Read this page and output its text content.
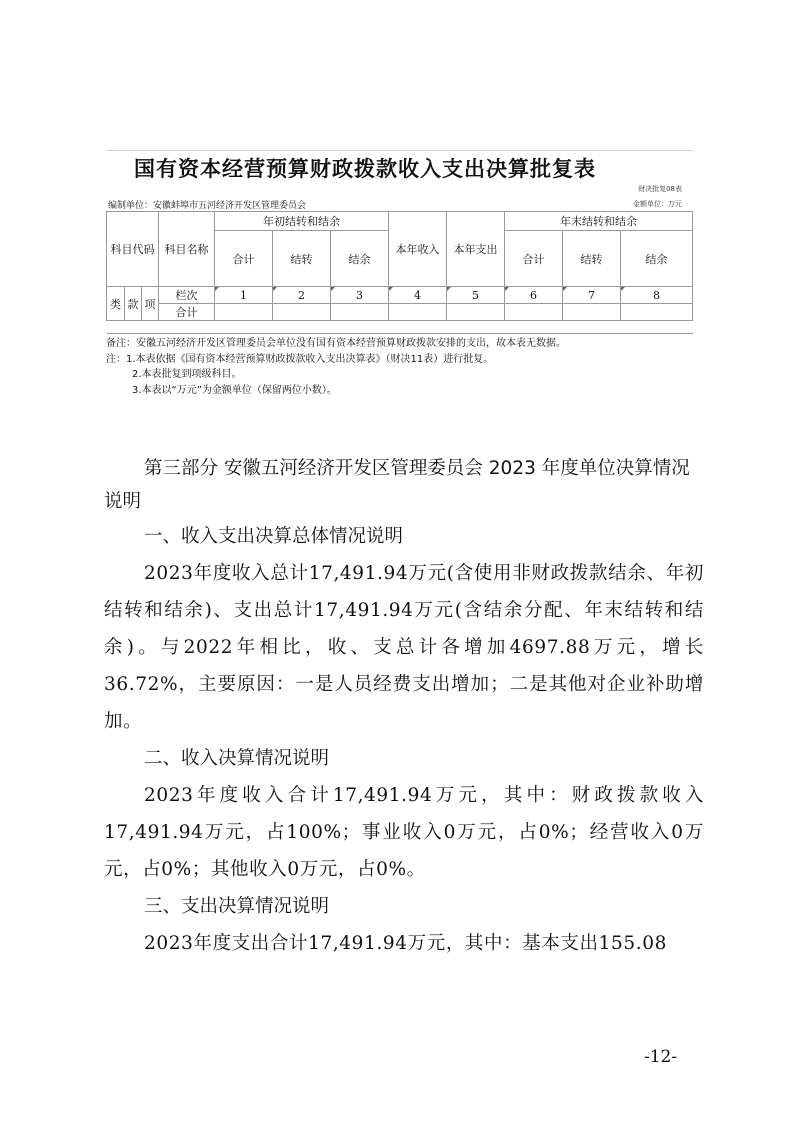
国有资本经营预算财政拨款收入支出决算批复表
财决批复08表
编制单位：安徽蚌埠市五河经济开发区管理委员会	金额单位：万元
科目代码			科目名称	年初结转和结余			本年收入	本年支出	年末结转和结余		
				合计	结转	结余			合计	结转	结余
类	款	项	栏次	1	2	3	4	5	6	7	8
			合计								

备注：安徽五河经济开发区管理委员会单位没有国有资本经营预算财政拨款安排的支出，故本表无数据。
注：1.本表依据《国有资本经营预算财政拨款收入支出决算表》（财决11表）进行批复。
2.本表批复到项级科目。
3.本表以“万元”为金额单位（保留两位小数）。

第三部分 安徽五河经济开发区管理委员会 2023 年度单位决算情况说明

一、收入支出决算总体情况说明

2023年度收入总计17,491.94万元(含使用非财政拨款结余、年初结转和结余)、支出总计17,491.94万元(含结余分配、年末结转和结余)。与2022年相比，收、支总计各增加4697.88万元，增长36.72%，主要原因：一是人员经费支出增加；二是其他对企业补助增加。

二、收入决算情况说明

2023年度收入合计17,491.94万元，其中：财政拨款收入17,491.94万元，占100%；事业收入0万元，占0%；经营收入0万元，占0%；其他收入0万元，占0%。

三、支出决算情况说明

2023年度支出合计17,491.94万元，其中：基本支出155.08

-12-
